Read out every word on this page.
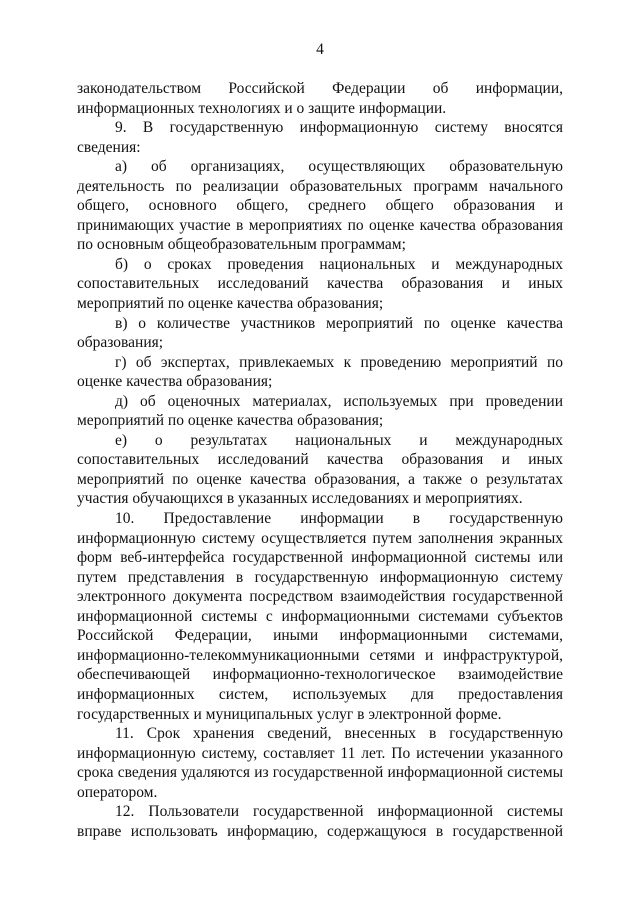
4

законодательством Российской Федерации об информации, информационных технологиях и о защите информации.

9. В государственную информационную систему вносятся сведения:

а) об организациях, осуществляющих образовательную деятельность по реализации образовательных программ начального общего, основного общего, среднего общего образования и принимающих участие в мероприятиях по оценке качества образования по основным общеобразовательным программам;

б) о сроках проведения национальных и международных сопоставительных исследований качества образования и иных мероприятий по оценке качества образования;

в) о количестве участников мероприятий по оценке качества образования;

г) об экспертах, привлекаемых к проведению мероприятий по оценке качества образования;

д) об оценочных материалах, используемых при проведении мероприятий по оценке качества образования;

е) о результатах национальных и международных сопоставительных исследований качества образования и иных мероприятий по оценке качества образования, а также о результатах участия обучающихся в указанных исследованиях и мероприятиях.

10. Предоставление информации в государственную информационную систему осуществляется путем заполнения экранных форм веб-интерфейса государственной информационной системы или путем представления в государственную информационную систему электронного документа посредством взаимодействия государственной информационной системы с информационными системами субъектов Российской Федерации, иными информационными системами, информационно-телекоммуникационными сетями и инфраструктурой, обеспечивающей информационно-технологическое взаимодействие информационных систем, используемых для предоставления государственных и муниципальных услуг в электронной форме.

11. Срок хранения сведений, внесенных в государственную информационную систему, составляет 11 лет. По истечении указанного срока сведения удаляются из государственной информационной системы оператором.

12. Пользователи государственной информационной системы вправе использовать информацию, содержащуюся в государственной
